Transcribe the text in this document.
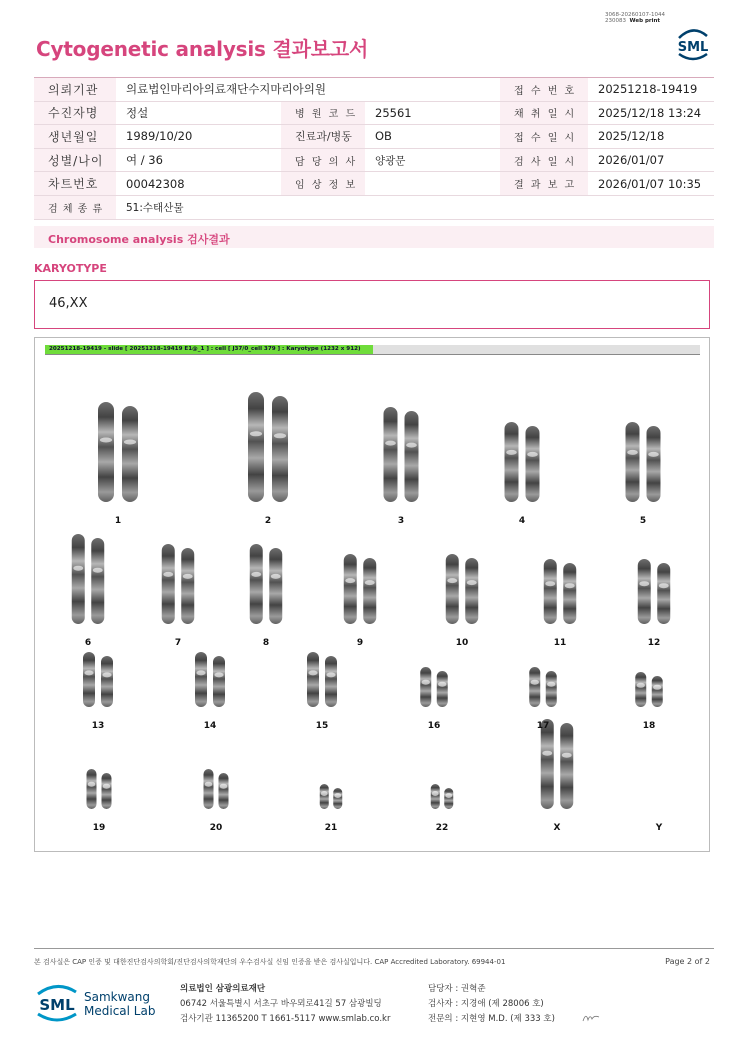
3068-20260107-1044
230083 Web print
SML
Cytogenetic analysis 결과보고서
의뢰기관	의료법인마리아의료재단수지마리아의원			접 수 번 호	20251218-19419
수진자명	정설	병 원 코 드	25561	채 취 일 시	2025/12/18 13:24
생년월일	1989/10/20	진료과/병동	OB	접 수 일 시	2025/12/18
성별/나이	여 / 36	담 당 의 사	양광문	검 사 일 시	2026/01/07
차트번호	00042308	임 상 정 보		결 과 보 고	2026/01/07 10:35
검 체 종 류	51:수태산물				
Chromosome analysis 검사결과
KARYOTYPE
46,XX
20251218-19419 - slide [ 20251218-19419 E1@_1 ] : cell [ J37/0_cell 379 ] : Karyotype (1232 x 912)
1	2	3	4	5
6	7	8	9	10	11	12
13	14	15	16	17	18
19	20	21	22	X	Y
본 검사실은 CAP 인증 및 대한진단검사의학회/진단검사의학재단의 우수검사실 신임 인증을 받은 검사실입니다. CAP Accredited Laboratory. 69944-01	Page 2 of 2
SML Samkwang
Medical Lab
의료법인 삼광의료재단
06742 서울특별시 서초구 바우뫼로41길 57 삼광빌딩
검사기관 11365200 T 1661-5117 www.smlab.co.kr
담당자 : 권혁준
검사자 : 지경애 (제 28006 호)
전문의 : 지현영 M.D. (제 333 호)
